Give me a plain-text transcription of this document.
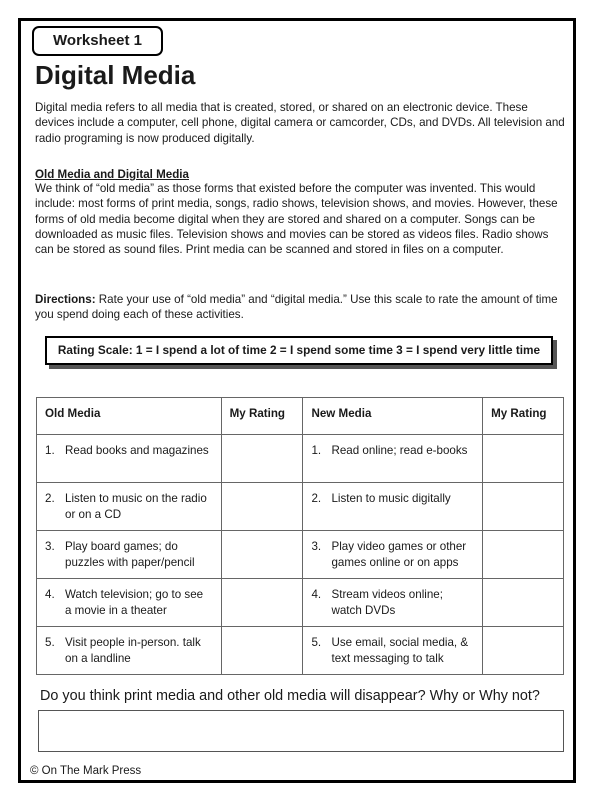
Worksheet 1
Digital Media

Digital media refers to all media that is created, stored, or shared on an electronic device. These devices include a computer, cell phone, digital camera or camcorder, CDs, and DVDs. All television and radio programing is now produced digitally.

Old Media and Digital Media

We think of “old media” as those forms that existed before the computer was invented. This would include: most forms of print media, songs, radio shows, television shows, and movies. However, these forms of old media become digital when they are stored and shared on a computer. Songs can be downloaded as music files. Television shows and movies can be stored as videos files. Radio shows can be stored as sound files. Print media can be scanned and stored in files on a computer.

Directions: Rate your use of “old media” and “digital media.” Use this scale to rate the amount of time you spend doing each of these activities.

Rating Scale: 1 = I spend a lot of time 2 = I spend some time 3 = I spend very little time
Old Media	My Rating	New Media	My Rating

1. Read books and magazines		1. Read online; read e-books	

2. Listen to music on the radio or on a CD		2. Listen to music digitally	

3. Play board games; do puzzles with paper/pencil		3. Play video games or other games online or on apps	

4. Watch television; go to see a movie in a theater		4. Stream videos online; watch DVDs	

5. Visit people in-person. talk on a landline		5. Use email, social media, & text messaging to talk	

Do you think print media and other old media will disappear? Why or Why not?

© On The Mark Press
